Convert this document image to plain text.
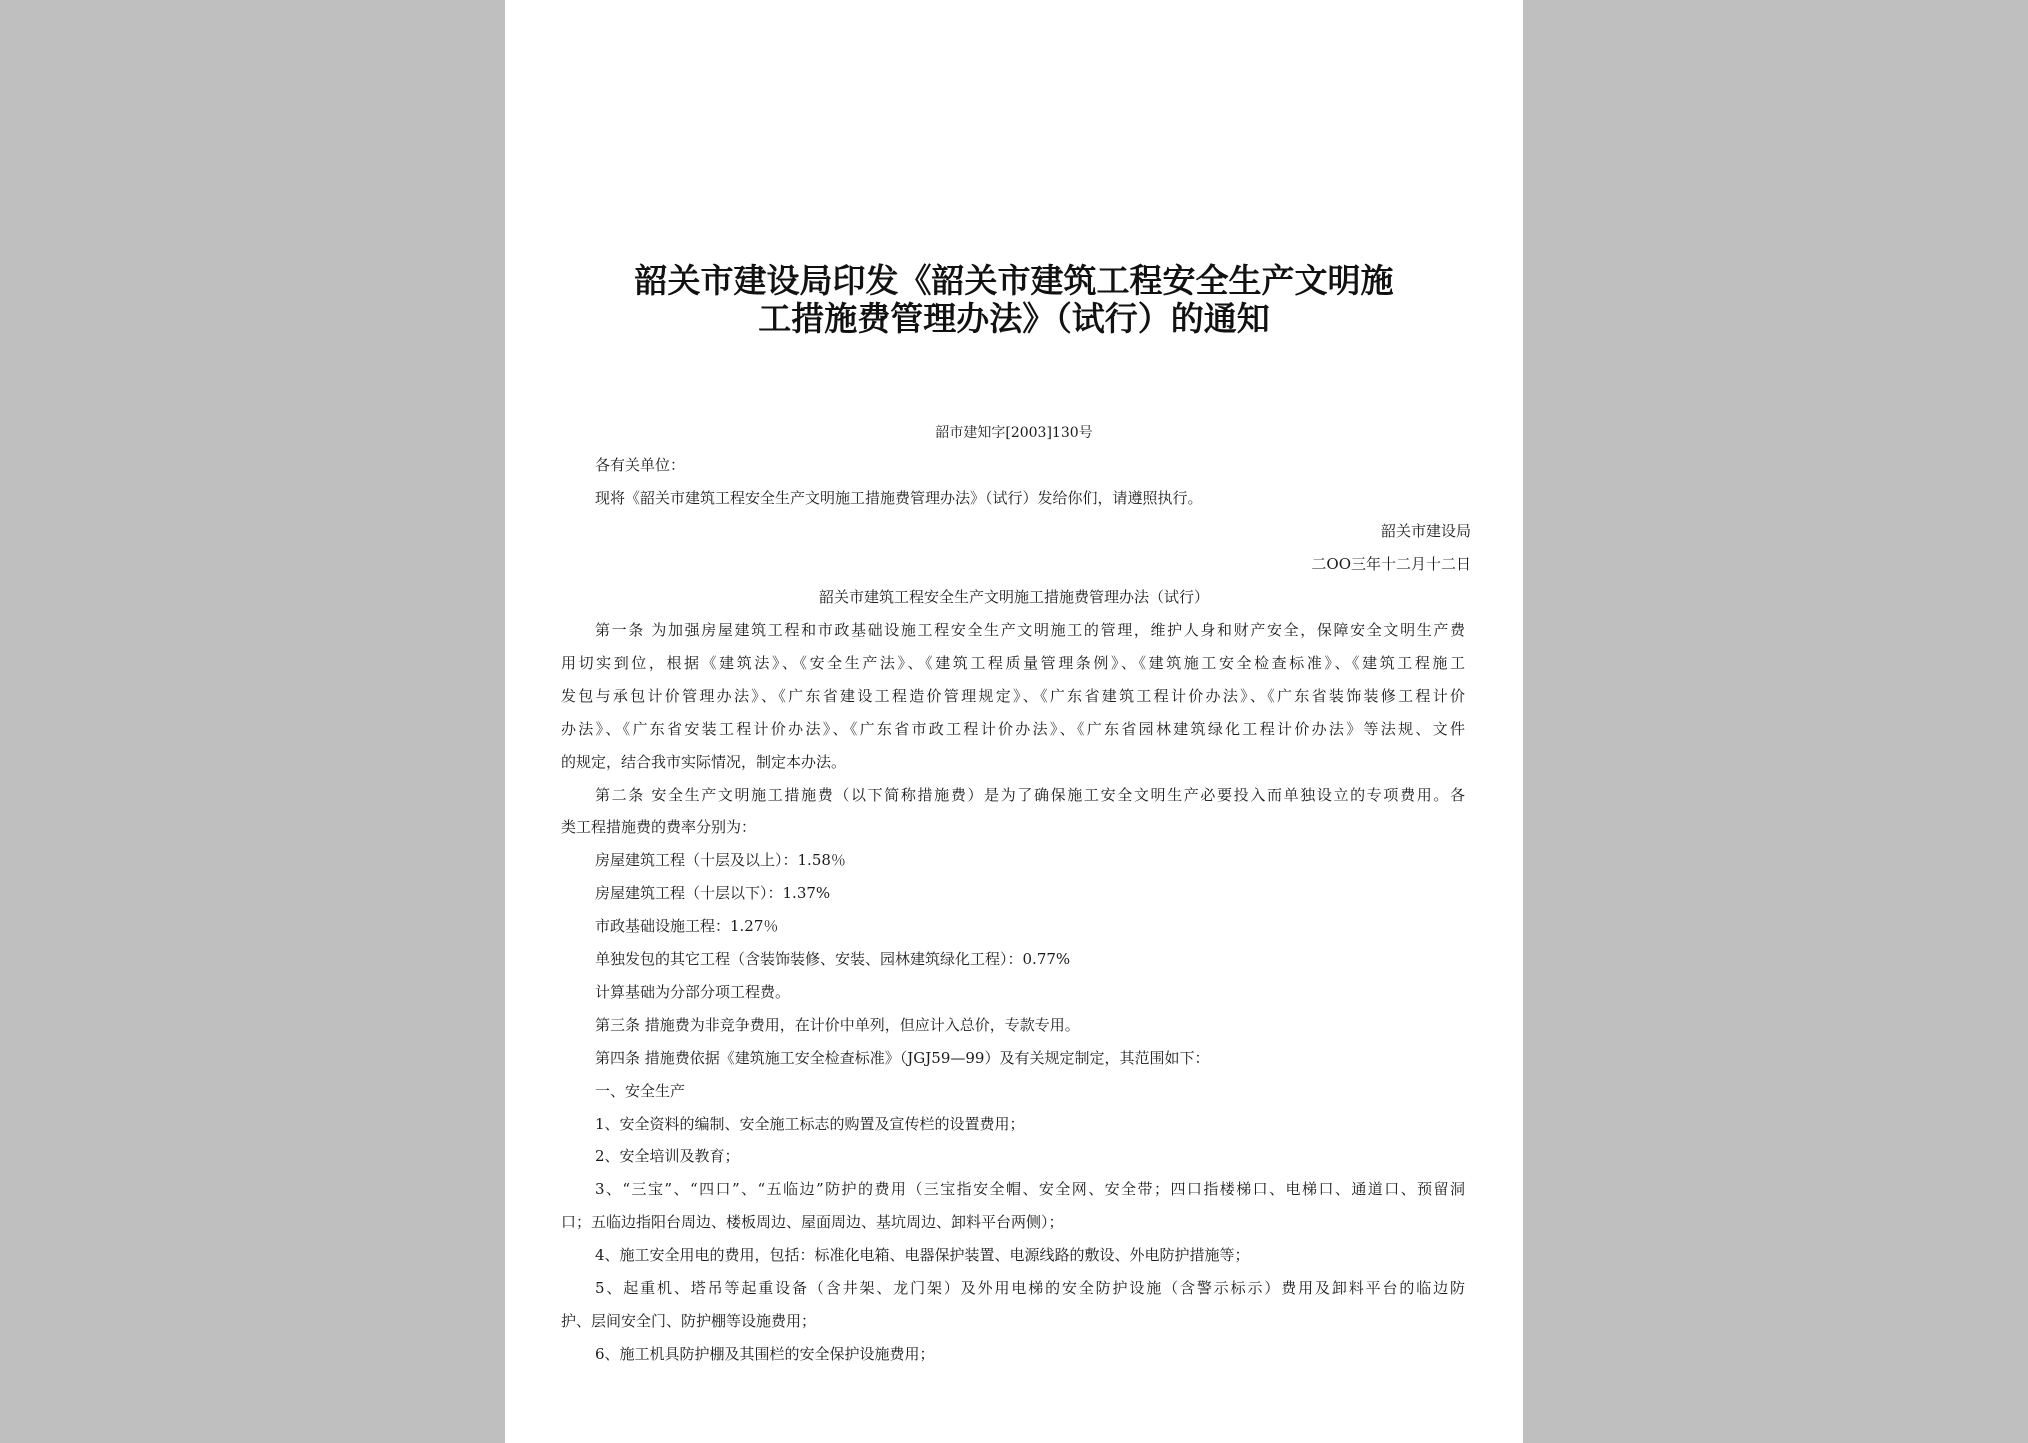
韶关市建设局印发《韶关市建筑工程安全生产文明施
工措施费管理办法》（试行）的通知
韶市建知字[2003]130号
各有关单位：
现将《韶关市建筑工程安全生产文明施工措施费管理办法》（试行）发给你们，请遵照执行。
韶关市建设局
二OO三年十二月十二日
韶关市建筑工程安全生产文明施工措施费管理办法（试行）
第一条 为加强房屋建筑工程和市政基础设施工程安全生产文明施工的管理，维护人身和财产安全，保障安全文明生产费
用切实到位，根据《建筑法》、《安全生产法》、《建筑工程质量管理条例》、《建筑施工安全检查标准》、《建筑工程施工
发包与承包计价管理办法》、《广东省建设工程造价管理规定》、《广东省建筑工程计价办法》、《广东省装饰装修工程计价
办法》、《广东省安装工程计价办法》、《广东省市政工程计价办法》、《广东省园林建筑绿化工程计价办法》等法规、文件
的规定，结合我市实际情况，制定本办法。
第二条 安全生产文明施工措施费（以下简称措施费）是为了确保施工安全文明生产必要投入而单独设立的专项费用。各
类工程措施费的费率分别为：
房屋建筑工程（十层及以上）：1.58％
房屋建筑工程（十层以下）：1.37%
市政基础设施工程：1.27％
单独发包的其它工程（含装饰装修、安装、园林建筑绿化工程）：0.77%
计算基础为分部分项工程费。
第三条 措施费为非竞争费用，在计价中单列，但应计入总价，专款专用。
第四条 措施费依据《建筑施工安全检查标准》（JGJ59—99）及有关规定制定，其范围如下：
一、安全生产
1、安全资料的编制、安全施工标志的购置及宣传栏的设置费用；
2、安全培训及教育；
3、“三宝”、“四口”、“五临边”防护的费用（三宝指安全帽、安全网、安全带；四口指楼梯口、电梯口、通道口、预留洞
口；五临边指阳台周边、楼板周边、屋面周边、基坑周边、卸料平台两侧）；
4、施工安全用电的费用，包括：标准化电箱、电器保护装置、电源线路的敷设、外电防护措施等；
5、起重机、塔吊等起重设备（含井架、龙门架）及外用电梯的安全防护设施（含警示标示）费用及卸料平台的临边防
护、层间安全门、防护棚等设施费用；
6、施工机具防护棚及其围栏的安全保护设施费用；
